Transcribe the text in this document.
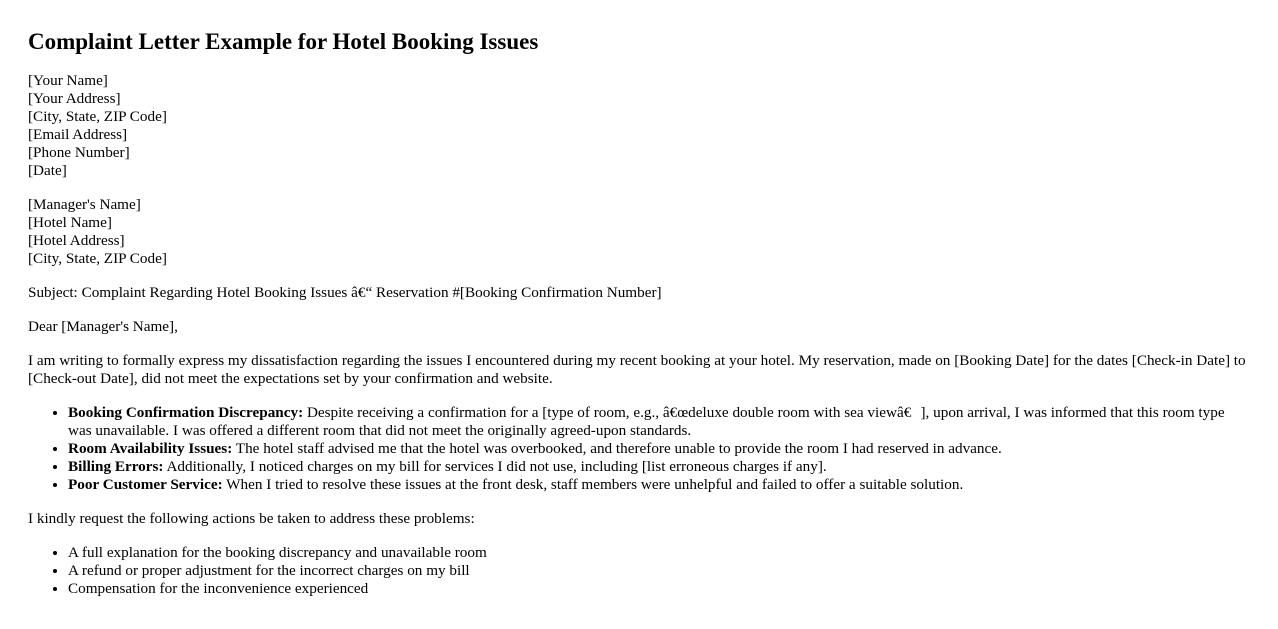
Complaint Letter Example for Hotel Booking Issues
[Your Name]
[Your Address]
[City, State, ZIP Code]
[Email Address]
[Phone Number]
[Date]
[Manager's Name]
[Hotel Name]
[Hotel Address]
[City, State, ZIP Code]

Subject: Complaint Regarding Hotel Booking Issues â€“ Reservation #[Booking Confirmation Number]

Dear [Manager's Name],

I am writing to formally express my dissatisfaction regarding the issues I encountered during my recent booking at your hotel. My reservation, made on [Booking Date] for the dates [Check-in Date] to [Check-out Date], did not meet the expectations set by your confirmation and website.

• Booking Confirmation Discrepancy: Despite receiving a confirmation for a [type of room, e.g., â€œdeluxe double room with sea viewâ€], upon arrival, I was informed that this room type was unavailable. I was offered a different room that did not meet the originally agreed-upon standards.
• Room Availability Issues: The hotel staff advised me that the hotel was overbooked, and therefore unable to provide the room I had reserved in advance.
• Billing Errors: Additionally, I noticed charges on my bill for services I did not use, including [list erroneous charges if any].
• Poor Customer Service: When I tried to resolve these issues at the front desk, staff members were unhelpful and failed to offer a suitable solution.

I kindly request the following actions be taken to address these problems:

• A full explanation for the booking discrepancy and unavailable room
• A refund or proper adjustment for the incorrect charges on my bill
• Compensation for the inconvenience experienced
